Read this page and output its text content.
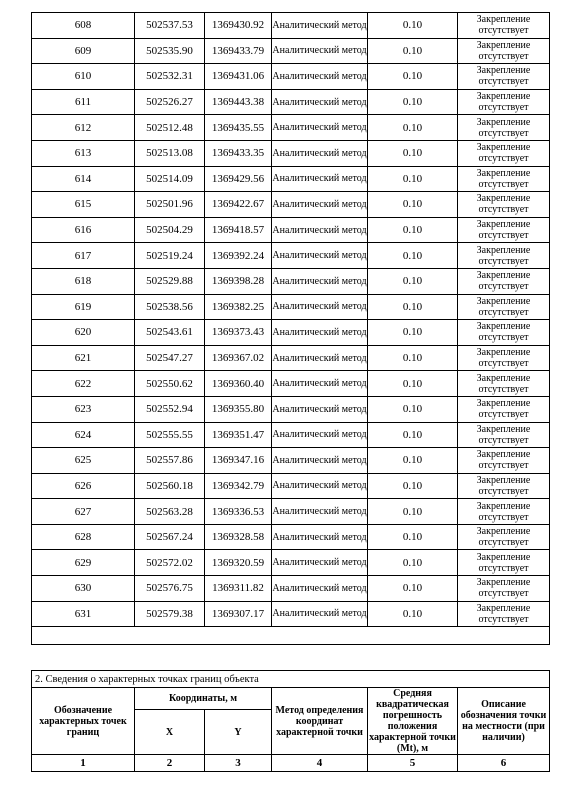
608	502537.53	1369430.92	Аналитический метод	0.10	Закрепление отсутствует
609	502535.90	1369433.79	Аналитический метод	0.10	Закрепление отсутствует
610	502532.31	1369431.06	Аналитический метод	0.10	Закрепление отсутствует
611	502526.27	1369443.38	Аналитический метод	0.10	Закрепление отсутствует
612	502512.48	1369435.55	Аналитический метод	0.10	Закрепление отсутствует
613	502513.08	1369433.35	Аналитический метод	0.10	Закрепление отсутствует
614	502514.09	1369429.56	Аналитический метод	0.10	Закрепление отсутствует
615	502501.96	1369422.67	Аналитический метод	0.10	Закрепление отсутствует
616	502504.29	1369418.57	Аналитический метод	0.10	Закрепление отсутствует
617	502519.24	1369392.24	Аналитический метод	0.10	Закрепление отсутствует
618	502529.88	1369398.28	Аналитический метод	0.10	Закрепление отсутствует
619	502538.56	1369382.25	Аналитический метод	0.10	Закрепление отсутствует
620	502543.61	1369373.43	Аналитический метод	0.10	Закрепление отсутствует
621	502547.27	1369367.02	Аналитический метод	0.10	Закрепление отсутствует
622	502550.62	1369360.40	Аналитический метод	0.10	Закрепление отсутствует
623	502552.94	1369355.80	Аналитический метод	0.10	Закрепление отсутствует
624	502555.55	1369351.47	Аналитический метод	0.10	Закрепление отсутствует
625	502557.86	1369347.16	Аналитический метод	0.10	Закрепление отсутствует
626	502560.18	1369342.79	Аналитический метод	0.10	Закрепление отсутствует
627	502563.28	1369336.53	Аналитический метод	0.10	Закрепление отсутствует
628	502567.24	1369328.58	Аналитический метод	0.10	Закрепление отсутствует
629	502572.02	1369320.59	Аналитический метод	0.10	Закрепление отсутствует
630	502576.75	1369311.82	Аналитический метод	0.10	Закрепление отсутствует
631	502579.38	1369307.17	Аналитический метод	0.10	Закрепление отсутствует

2. Сведения о характерных точках границ объекта					
Обозначение характерных точек границ	Координаты, м		Метод определения координат характерной точки	Средняя квадратическая погрешность положения характерной точки (Mt), м	Описание обозначения точки на местности (при наличии)
	X	Y			
1	2	3	4	5	6
